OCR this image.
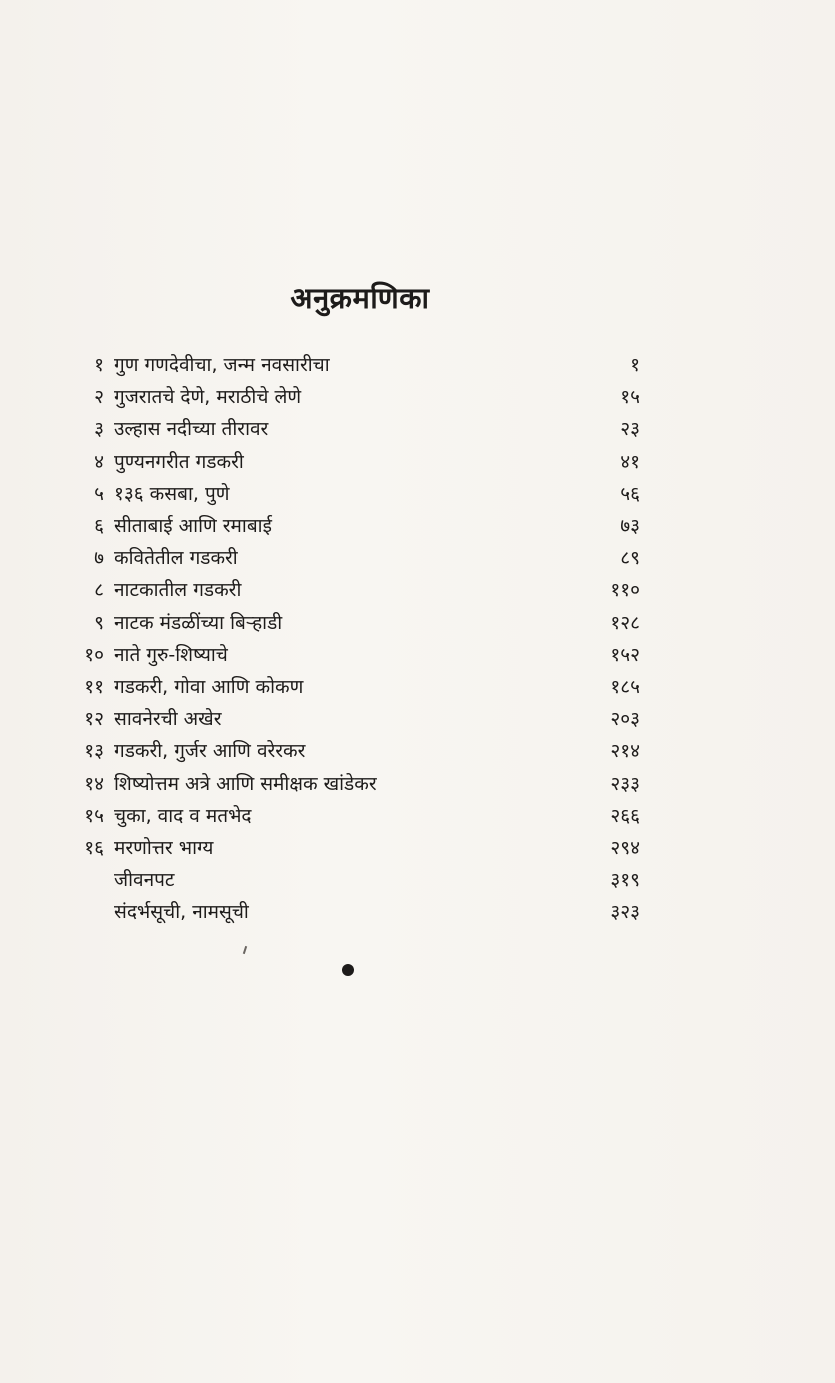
अनुक्रमणिका
१ गुण गणदेवीचा, जन्म नवसारीचा	१
२ गुजरातचे देणे, मराठीचे लेणे	१५
३ उल्हास नदीच्या तीरावर	२३
४ पुण्यनगरीत गडकरी	४१
५ १३६ कसबा, पुणे	५६
६ सीताबाई आणि रमाबाई	७३
७ कवितेतील गडकरी	८९
८ नाटकातील गडकरी	११०
९ नाटक मंडळींच्या बिऱ्हाडी	१२८
१० नाते गुरु-शिष्याचे	१५२
११ गडकरी, गोवा आणि कोकण	१८५
१२ सावनेरची अखेर	२०३
१३ गडकरी, गुर्जर आणि वरेरकर	२१४
१४ शिष्योत्तम अत्रे आणि समीक्षक खांडेकर	२३३
१५ चुका, वाद व मतभेद	२६६
१६ मरणोत्तर भाग्य	२९४
जीवनपट	३१९
संदर्भसूची, नामसूची	३२३
